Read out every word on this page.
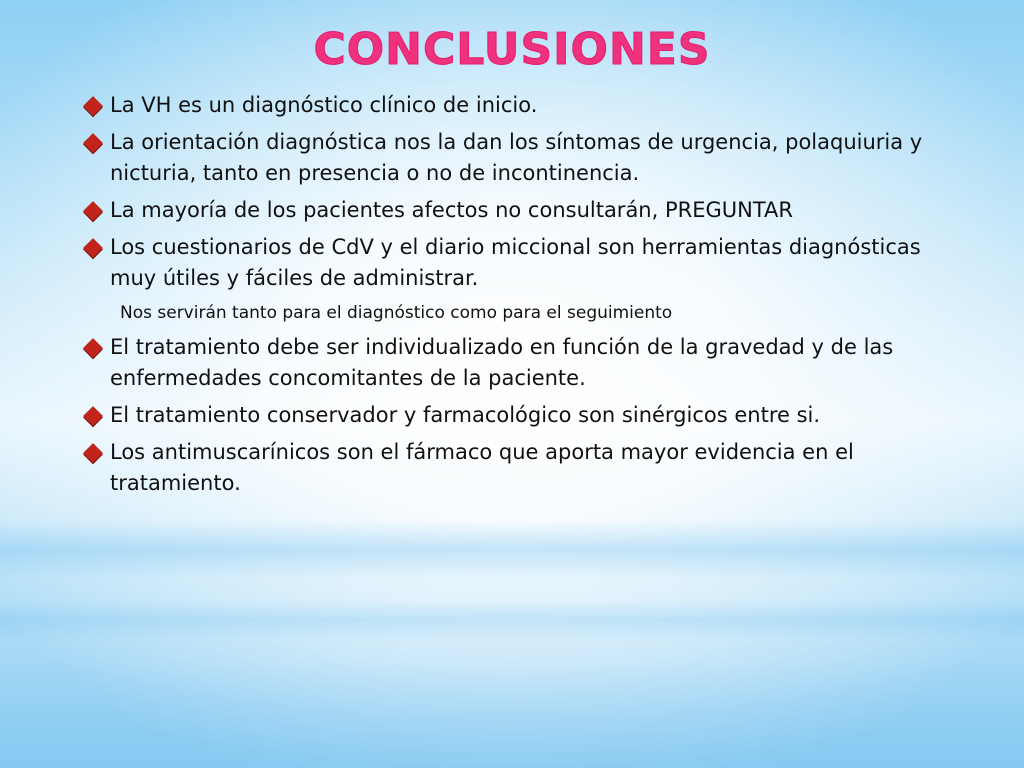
CONCLUSIONES
La VH es un diagnóstico clínico de inicio.
La orientación diagnóstica nos la dan los síntomas de urgencia, polaquiuria y nicturia, tanto en presencia o no de incontinencia.
La mayoría de los pacientes afectos no consultarán, PREGUNTAR
Los cuestionarios de CdV y el diario miccional son herramientas diagnósticas muy útiles y fáciles de administrar.
Nos servirán tanto para el diagnóstico como para el seguimiento
El tratamiento debe ser individualizado en función de la gravedad y de las enfermedades concomitantes de la paciente.
El tratamiento conservador y farmacológico son sinérgicos entre si.
Los antimuscarínicos son el fármaco que aporta mayor evidencia en el tratamiento.
